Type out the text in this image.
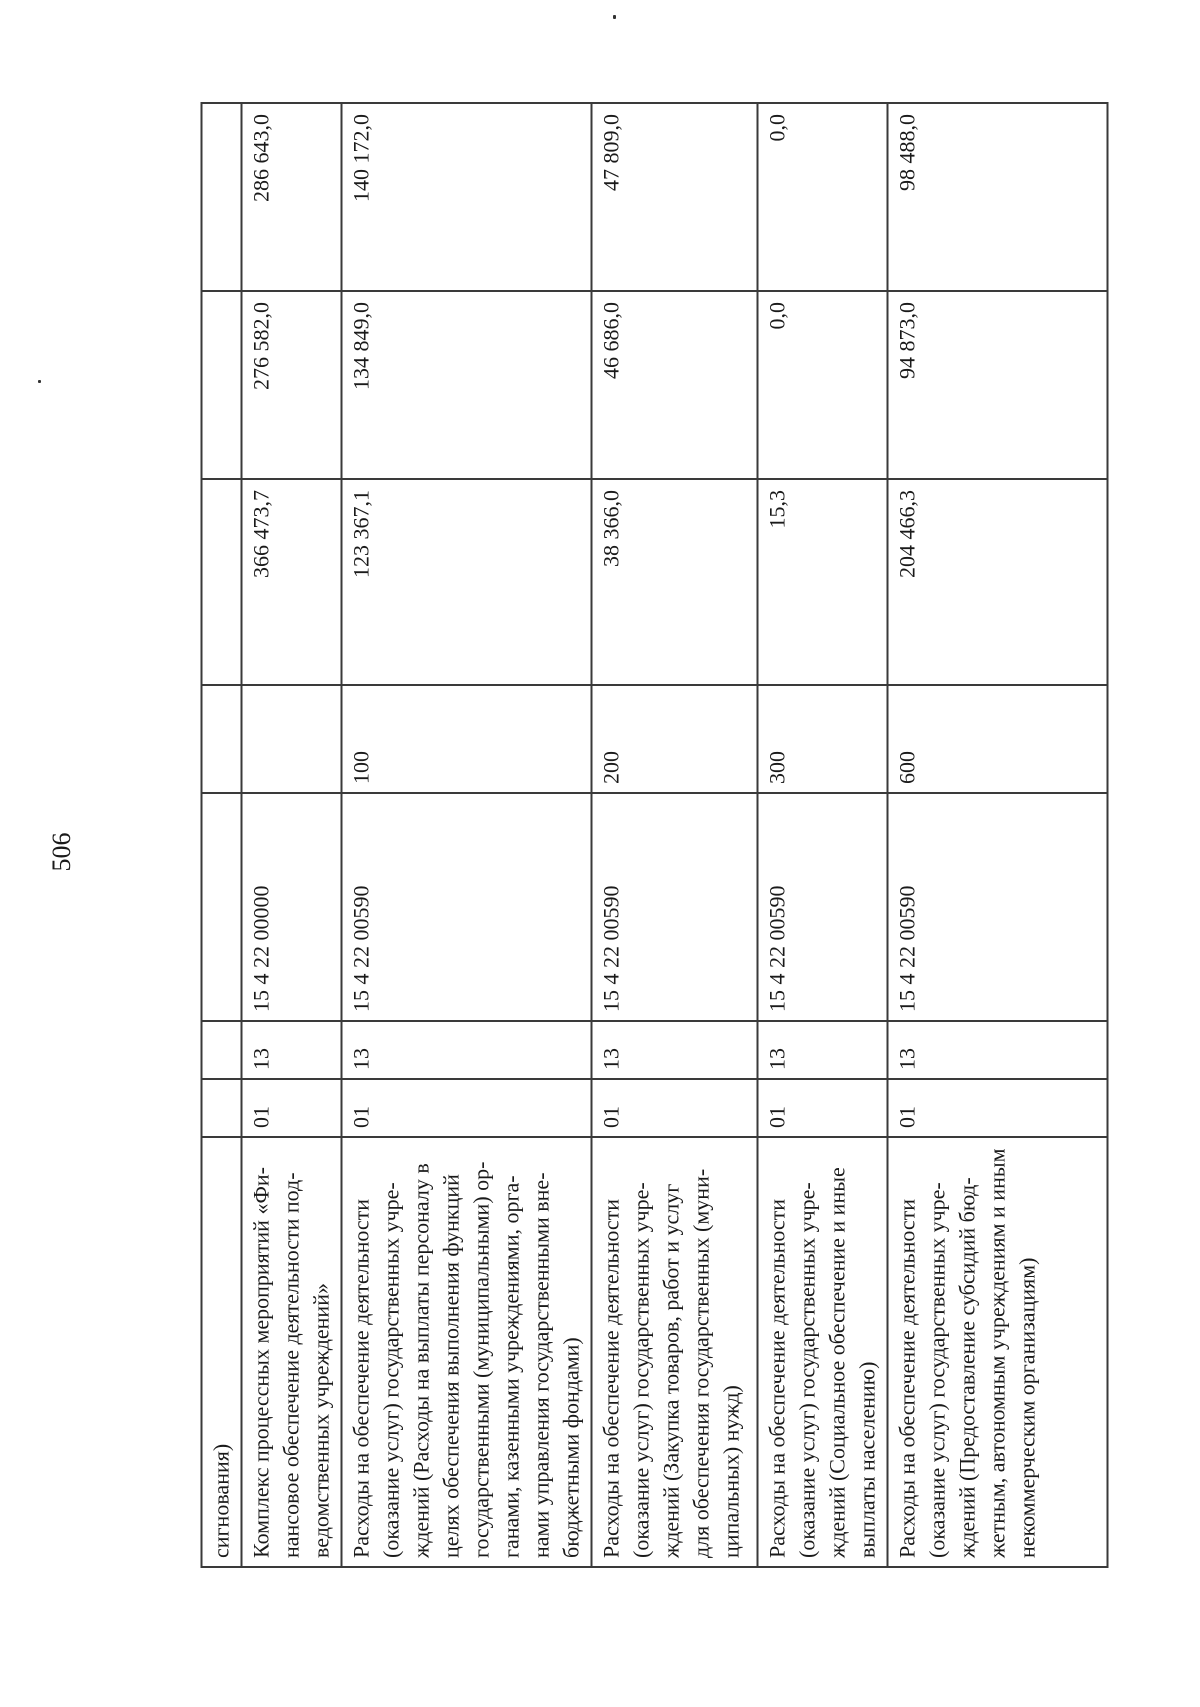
506
сигнования)							
Комплекс процессных мероприятий «Фи-нансовое обеспечение деятельности под-ведомственных учреждений»	01	13	15 4 22 00000		366 473,7	276 582,0	286 643,0
Расходы на обеспечение деятельности (оказание услуг) государственных учре-ждений (Расходы на выплаты персоналу в целях обеспечения выполнения функций государственными (муниципальными) ор-ганами, казенными учреждениями, орга-нами управления государственными вне-бюджетными фондами)	01	13	15 4 22 00590	100	123 367,1	134 849,0	140 172,0
Расходы на обеспечение деятельности (оказание услуг) государственных учре-ждений (Закупка товаров, работ и услуг для обеспечения государственных (муни-ципальных) нужд)	01	13	15 4 22 00590	200	38 366,0	46 686,0	47 809,0
Расходы на обеспечение деятельности (оказание услуг) государственных учре-ждений (Социальное обеспечение и иные выплаты населению)	01	13	15 4 22 00590	300	15,3	0,0	0,0
Расходы на обеспечение деятельности (оказание услуг) государственных учре-ждений (Предоставление субсидий бюд-жетным, автономным учреждениям и иным некоммерческим организациям)	01	13	15 4 22 00590	600	204 466,3	94 873,0	98 488,0
